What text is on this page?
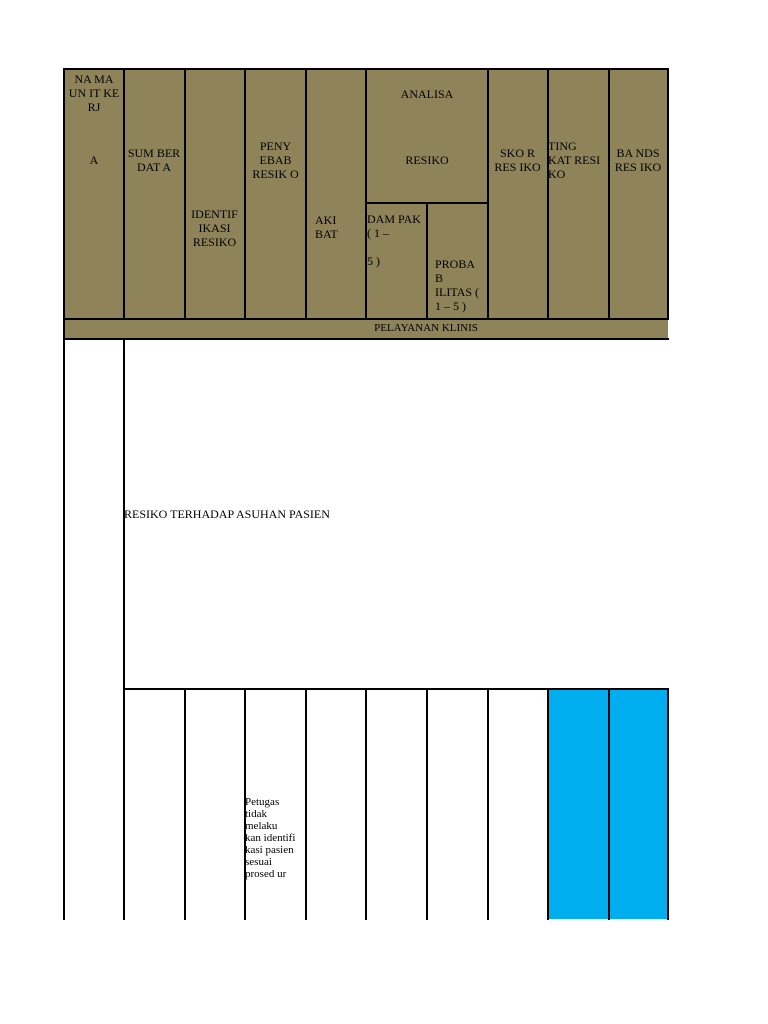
NA MA
UN IT KE
RJ
A	SUM BER
DAT A
IDENTIF
IKASI
RESIKO
PENY
EBAB
RESIK O
AKI
BAT
ANALISA
RESIKO
DAM PAK
( 1 –

5 )	PROBA
B
ILITAS (
1 – 5 )
SKO R
RES IKO
TING
KAT RESI
KO
BA NDS
RES IKO
PELAYANAN KLINIS
RESIKO TERHADAP ASUHAN PASIEN
Petugas
tidak
melaku
kan identifi
kasi pasien
sesuai
prosed ur
